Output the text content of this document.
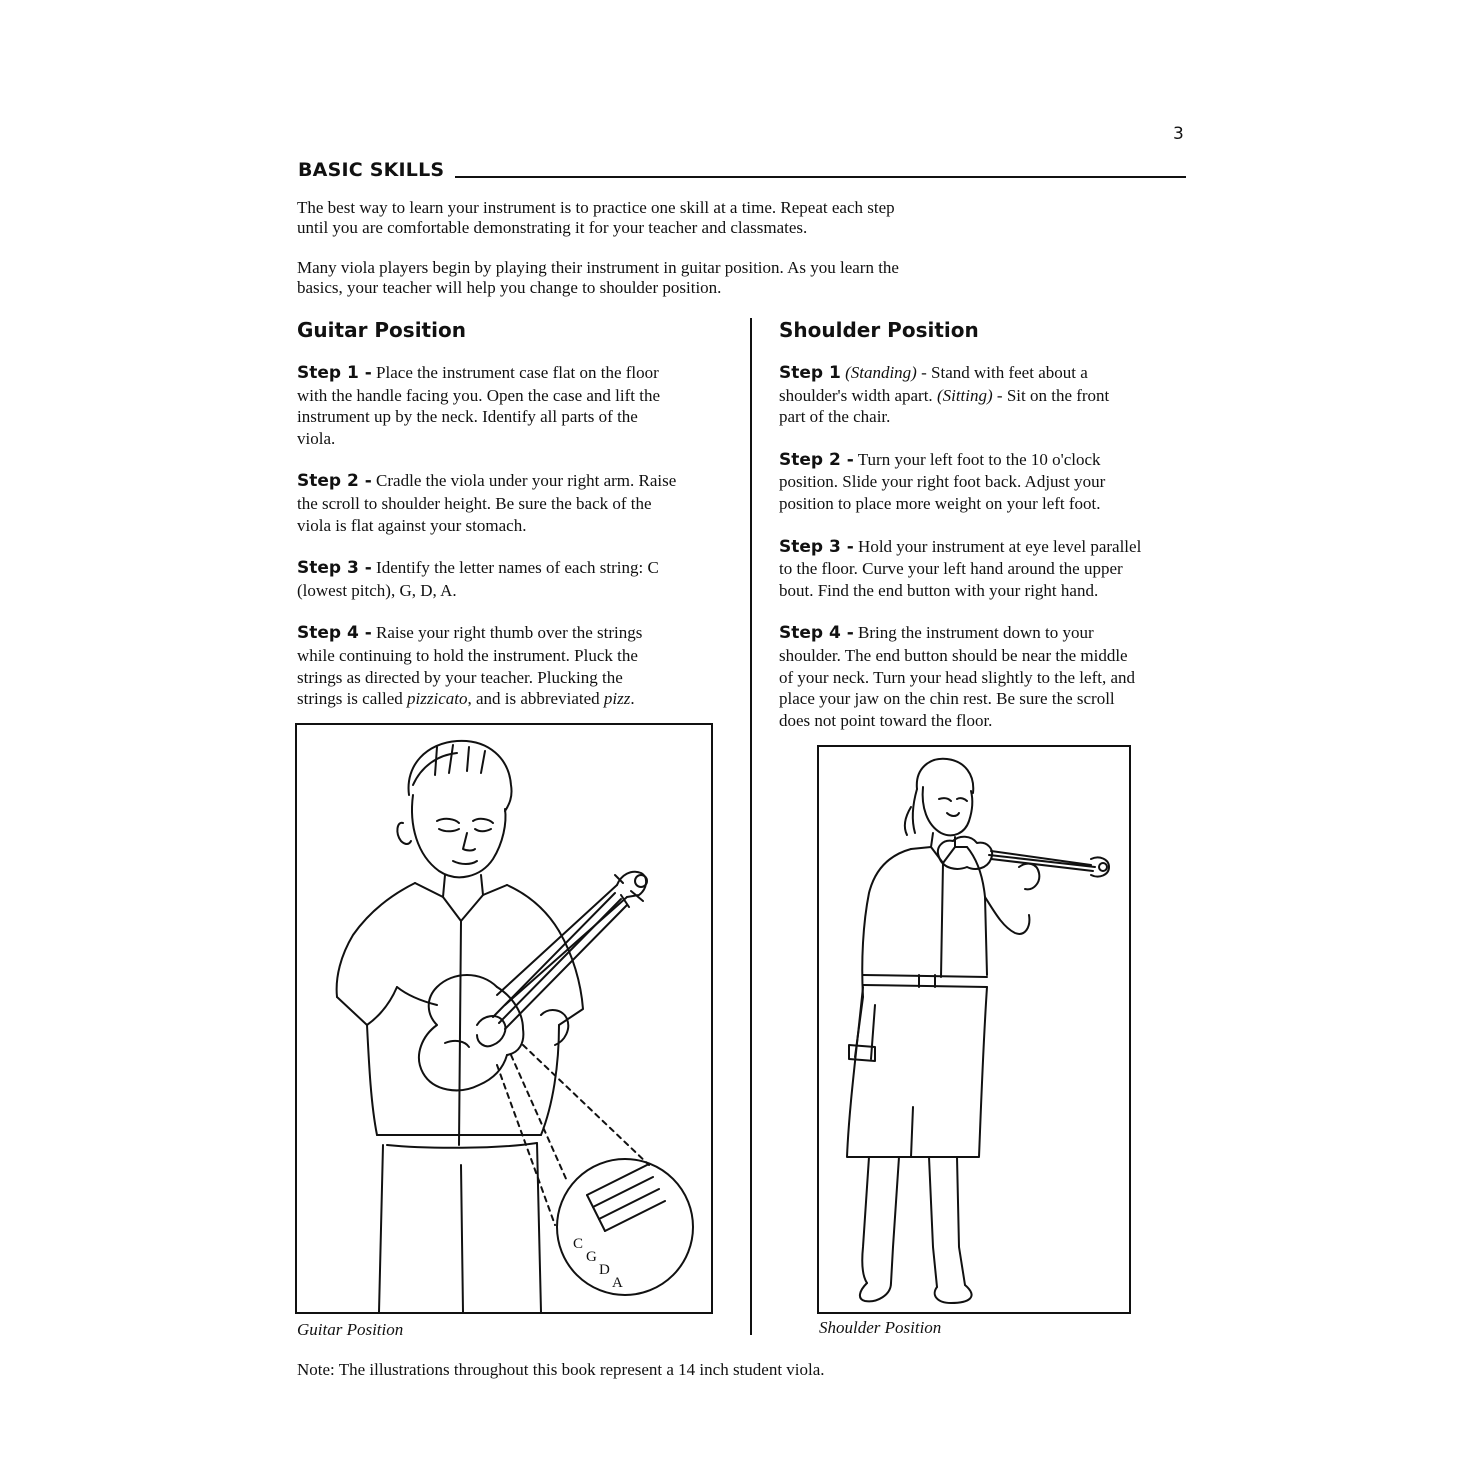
3
BASIC SKILLS

The best way to learn your instrument is to practice one skill at a time. Repeat each step

until you are comfortable demonstrating it for your teacher and classmates.

Many viola players begin by playing their instrument in guitar position. As you learn the

basics, your teacher will help you change to shoulder position.

Guitar Position
Step 1 - Place the instrument case flat on the floor
with the handle facing you. Open the case and lift the
instrument up by the neck. Identify all parts of the
viola.
Step 2 - Cradle the viola under your right arm. Raise
the scroll to shoulder height. Be sure the back of the
viola is flat against your stomach.
Step 3 - Identify the letter names of each string: C
(lowest pitch), G, D, A.
Step 4 - Raise your right thumb over the strings
while continuing to hold the instrument. Pluck the
strings as directed by your teacher. Plucking the
strings is called pizzicato, and is abbreviated pizz.
Shoulder Position
Step 1 (Standing) - Stand with feet about a
shoulder's width apart. (Sitting) - Sit on the front
part of the chair.
Step 2 - Turn your left foot to the 10 o'clock
position. Slide your right foot back. Adjust your
position to place more weight on your left foot.
Step 3 - Hold your instrument at eye level parallel
to the floor. Curve your left hand around the upper
bout. Find the end button with your right hand.
Step 4 - Bring the instrument down to your
shoulder. The end button should be near the middle
of your neck. Turn your head slightly to the left, and
place your jaw on the chin rest. Be sure the scroll
does not point toward the floor.
C
G
D
A
Guitar Position	Shoulder Position
Note: The illustrations throughout this book represent a 14 inch student viola.
